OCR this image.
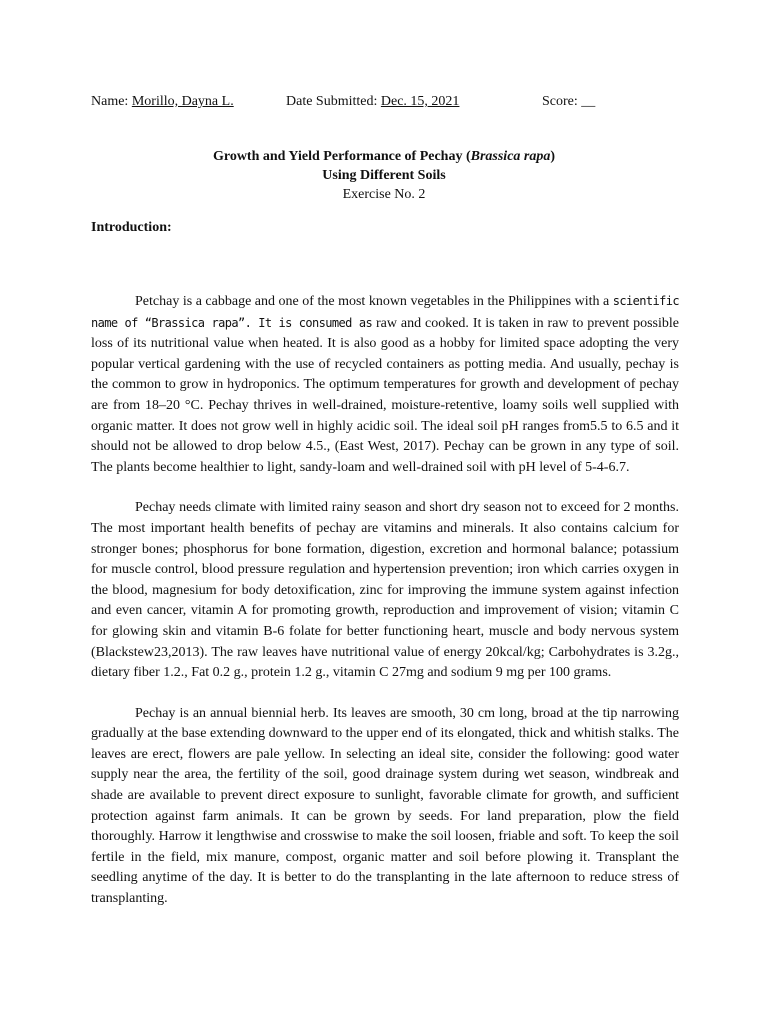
Name: Morillo, Dayna L.	Date Submitted: Dec. 15, 2021	Score: __
Growth and Yield Performance of Pechay (Brassica rapa)
Using Different Soils
Exercise No. 2
Introduction:

Petchay is a cabbage and one of the most known vegetables in the Philippines with a scientific name of “Brassica rapa”. It is consumed as raw and cooked. It is taken in raw to prevent possible loss of its nutritional value when heated. It is also good as a hobby for limited space adopting the very popular vertical gardening with the use of recycled containers as potting media. And usually, pechay is the common to grow in hydroponics. The optimum temperatures for growth and development of pechay are from 18–20 °C. Pechay thrives in well-drained, moisture-retentive, loamy soils well supplied with organic matter. It does not grow well in highly acidic soil. The ideal soil pH ranges from5.5 to 6.5 and it should not be allowed to drop below 4.5., (East West, 2017). Pechay can be grown in any type of soil. The plants become healthier to light, sandy-loam and well-drained soil with pH level of 5-4-6.7.

Pechay needs climate with limited rainy season and short dry season not to exceed for 2 months. The most important health benefits of pechay are vitamins and minerals. It also contains calcium for stronger bones; phosphorus for bone formation, digestion, excretion and hormonal balance; potassium for muscle control, blood pressure regulation and hypertension prevention; iron which carries oxygen in the blood, magnesium for body detoxification, zinc for improving the immune system against infection and even cancer, vitamin A for promoting growth, reproduction and improvement of vision; vitamin C for glowing skin and vitamin B-6 folate for better functioning heart, muscle and body nervous system (Blackstew23,2013). The raw leaves have nutritional value of energy 20kcal/kg; Carbohydrates is 3.2g., dietary fiber 1.2., Fat 0.2 g., protein 1.2 g., vitamin C 27mg and sodium 9 mg per 100 grams.

Pechay is an annual biennial herb. Its leaves are smooth, 30 cm long, broad at the tip narrowing gradually at the base extending downward to the upper end of its elongated, thick and whitish stalks. The leaves are erect, flowers are pale yellow. In selecting an ideal site, consider the following: good water supply near the area, the fertility of the soil, good drainage system during wet season, windbreak and shade are available to prevent direct exposure to sunlight, favorable climate for growth, and sufficient protection against farm animals. It can be grown by seeds. For land preparation, plow the field thoroughly. Harrow it lengthwise and crosswise to make the soil loosen, friable and soft. To keep the soil fertile in the field, mix manure, compost, organic matter and soil before plowing it. Transplant the seedling anytime of the day. It is better to do the transplanting in the late afternoon to reduce stress of transplanting.
